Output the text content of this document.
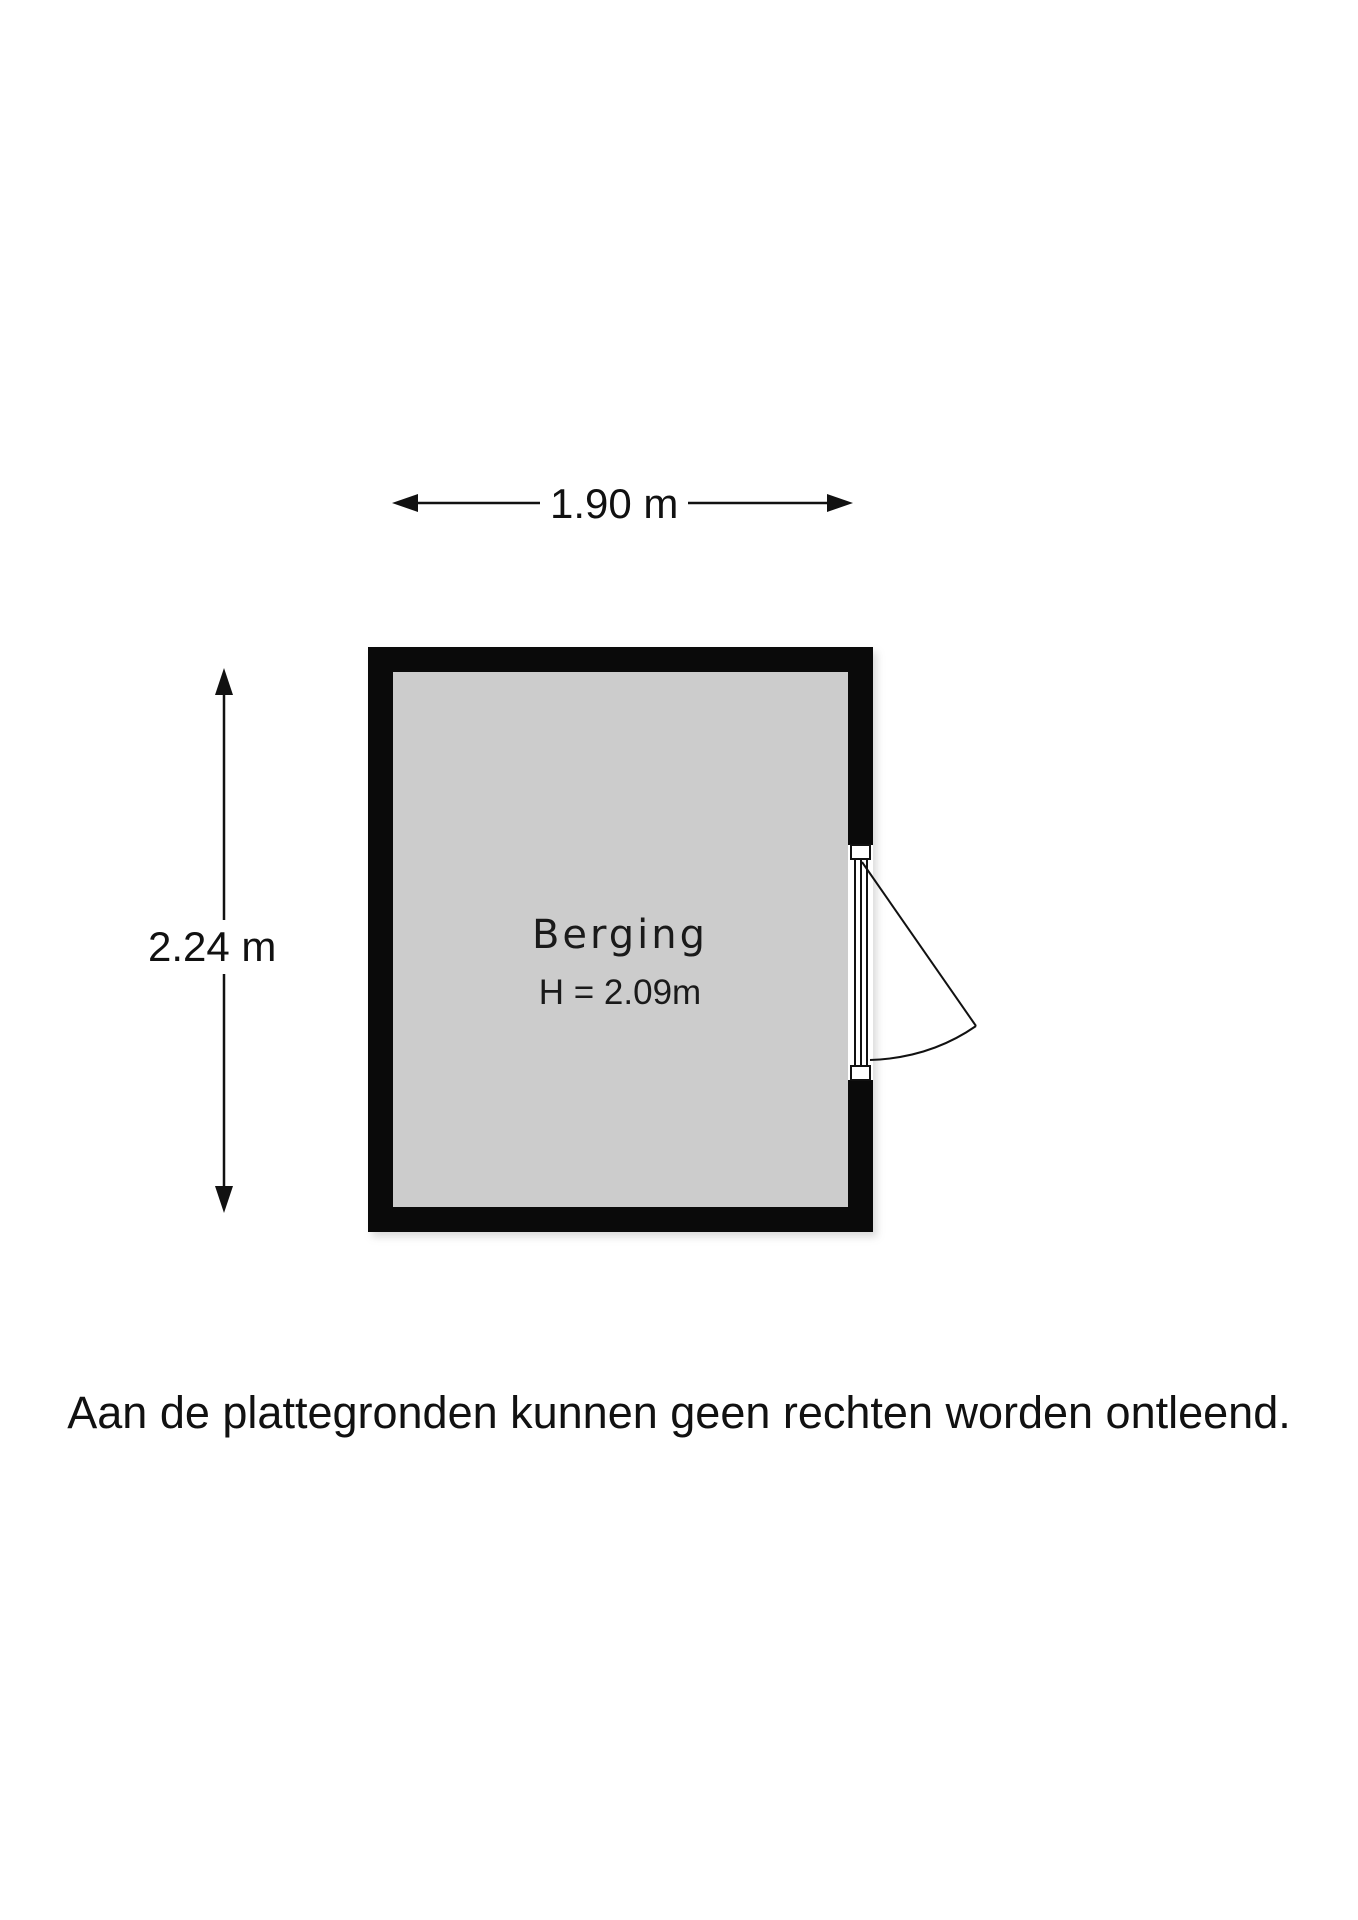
1.90 m
2.24 m	Berging
H = 2.09m
Aan de plattegronden kunnen geen rechten worden ontleend.
